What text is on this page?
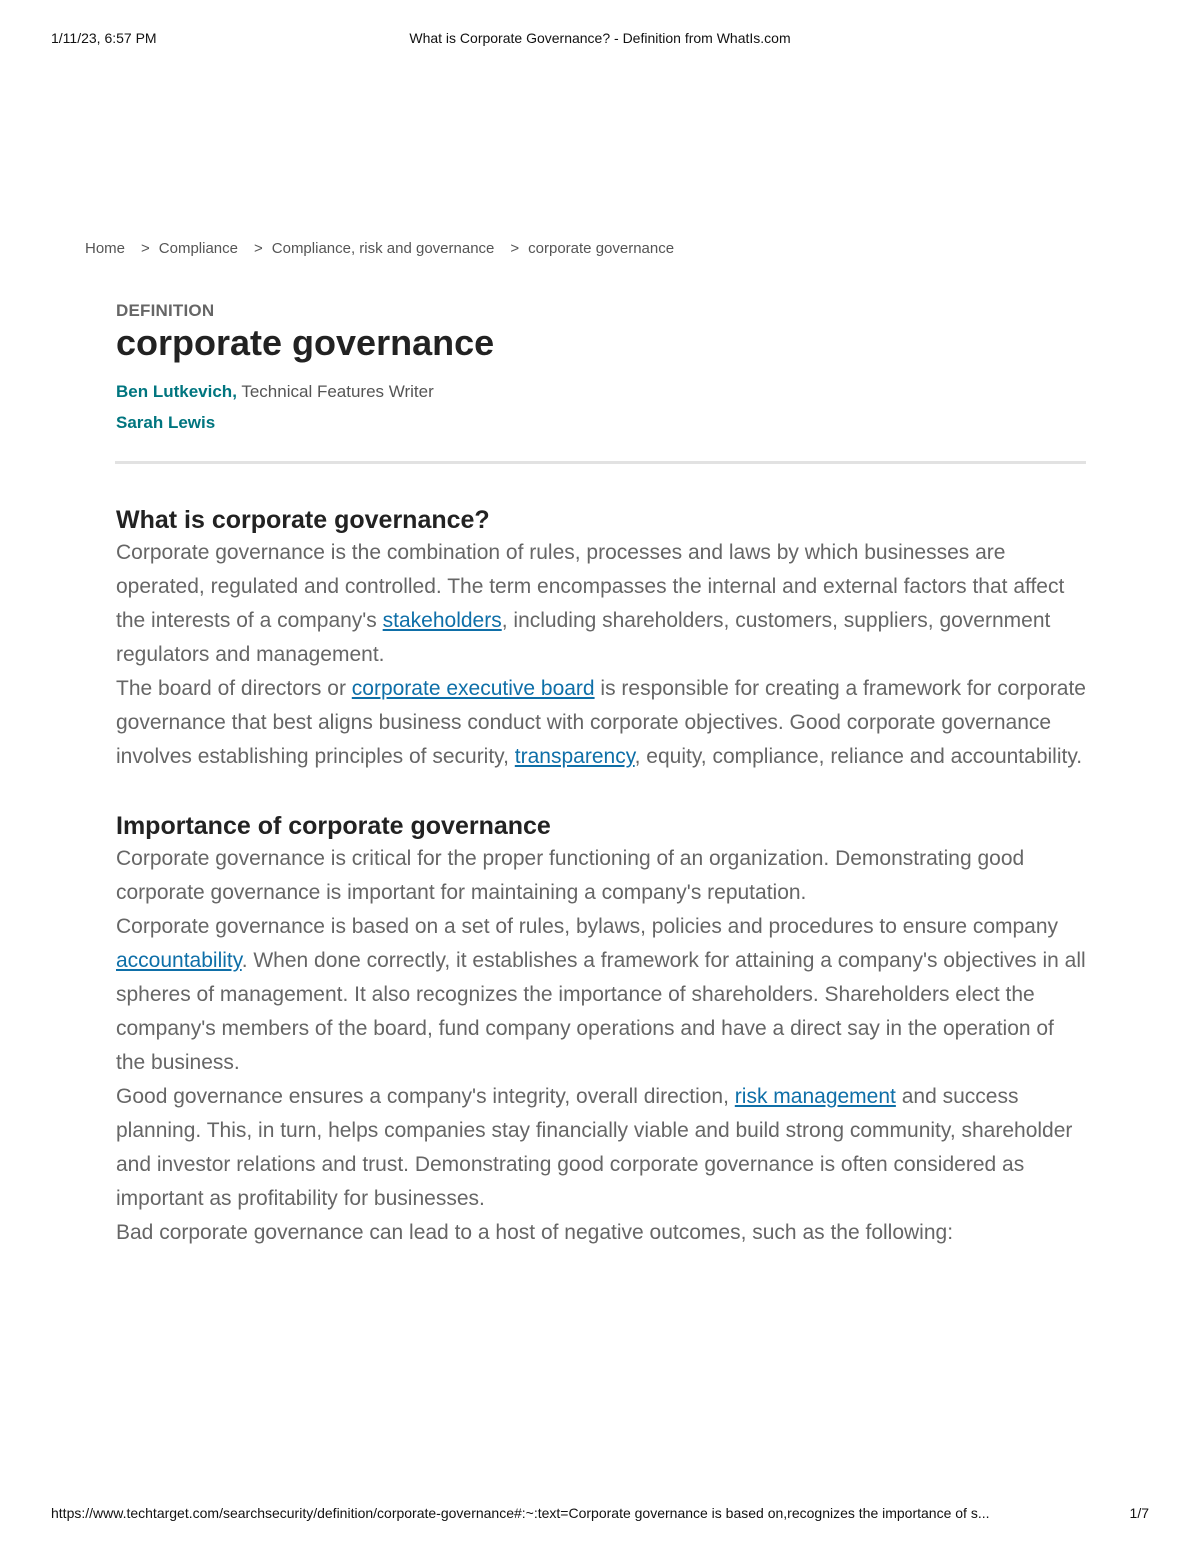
1/11/23, 6:57 PM	What is Corporate Governance? - Definition from WhatIs.com
Home > Compliance > Compliance, risk and governance > corporate governance
DEFINITION
corporate governance
Ben Lutkevich, Technical Features Writer
Sarah Lewis
What is corporate governance?

Corporate governance is the combination of rules, processes and laws by which businesses are operated, regulated and controlled. The term encompasses the internal and external factors that affect the interests of a company's stakeholders, including shareholders, customers, suppliers, government regulators and management.

The board of directors or corporate executive board is responsible for creating a framework for corporate governance that best aligns business conduct with corporate objectives. Good corporate governance involves establishing principles of security, transparency, equity, compliance, reliance and accountability.

Importance of corporate governance

Corporate governance is critical for the proper functioning of an organization. Demonstrating good corporate governance is important for maintaining a company's reputation.

Corporate governance is based on a set of rules, bylaws, policies and procedures to ensure company accountability. When done correctly, it establishes a framework for attaining a company's objectives in all spheres of management. It also recognizes the importance of shareholders. Shareholders elect the company's members of the board, fund company operations and have a direct say in the operation of the business.

Good governance ensures a company's integrity, overall direction, risk management and success planning. This, in turn, helps companies stay financially viable and build strong community, shareholder and investor relations and trust. Demonstrating good corporate governance is often considered as important as profitability for businesses.

Bad corporate governance can lead to a host of negative outcomes, such as the following:

https://www.techtarget.com/searchsecurity/definition/corporate-governance#:~:text=Corporate governance is based on,recognizes the importance of s...	1/7
